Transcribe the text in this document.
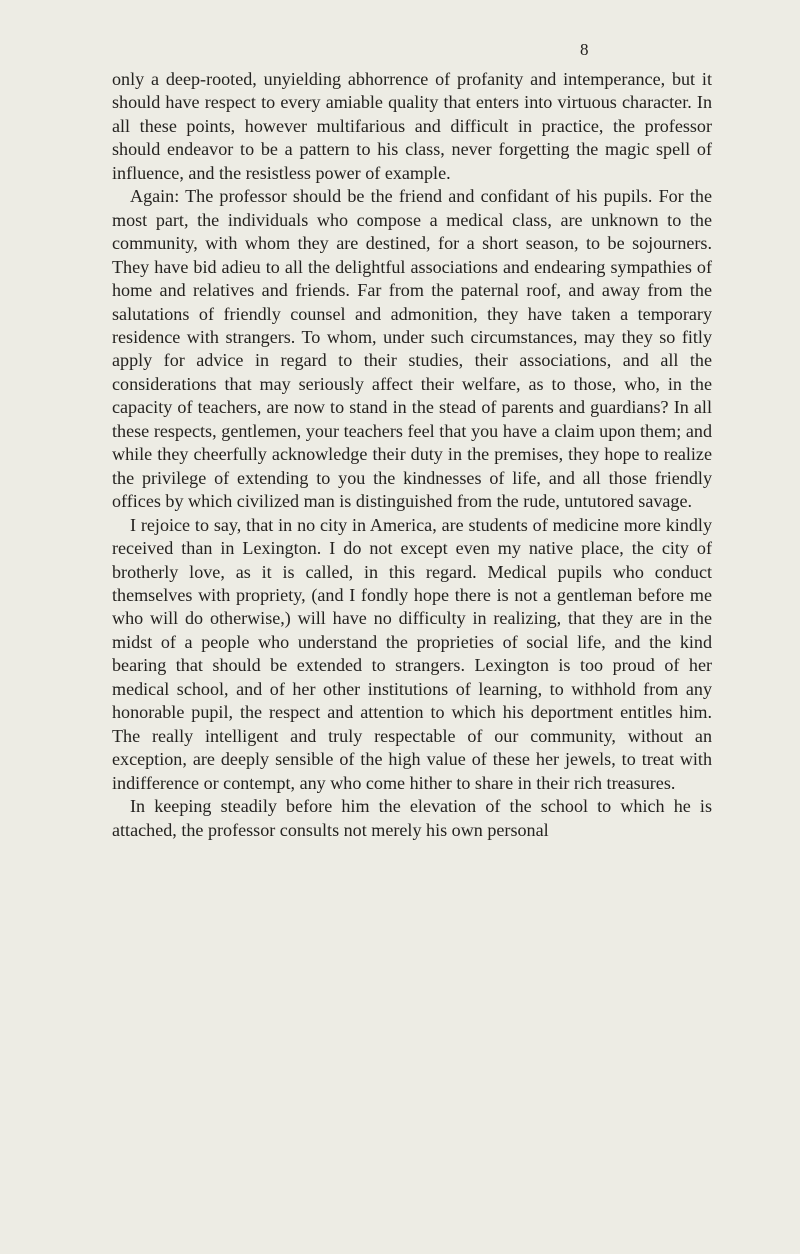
8

only a deep-rooted, unyielding abhorrence of profanity and intemperance, but it should have respect to every amiable quality that enters into virtuous character. In all these points, however multifarious and difficult in practice, the professor should endeavor to be a pattern to his class, never forgetting the magic spell of influence, and the resistless power of example.

Again: The professor should be the friend and confidant of his pupils. For the most part, the individuals who compose a medical class, are unknown to the community, with whom they are destined, for a short season, to be sojourners. They have bid adieu to all the delightful associations and endearing sympathies of home and relatives and friends. Far from the paternal roof, and away from the salutations of friendly counsel and admonition, they have taken a temporary residence with strangers. To whom, under such circumstances, may they so fitly apply for advice in regard to their studies, their associations, and all the considerations that may seriously affect their welfare, as to those, who, in the capacity of teachers, are now to stand in the stead of parents and guardians? In all these respects, gentlemen, your teachers feel that you have a claim upon them; and while they cheerfully acknowledge their duty in the premises, they hope to realize the privilege of extending to you the kindnesses of life, and all those friendly offices by which civilized man is distinguished from the rude, untutored savage.

I rejoice to say, that in no city in America, are students of medicine more kindly received than in Lexington. I do not except even my native place, the city of brotherly love, as it is called, in this regard. Medical pupils who conduct themselves with propriety, (and I fondly hope there is not a gentleman before me who will do otherwise,) will have no difficulty in realizing, that they are in the midst of a people who understand the proprieties of social life, and the kind bearing that should be extended to strangers. Lexington is too proud of her medical school, and of her other institutions of learning, to withhold from any honorable pupil, the respect and attention to which his deportment entitles him. The really intelligent and truly respectable of our community, without an exception, are deeply sensible of the high value of these her jewels, to treat with indifference or contempt, any who come hither to share in their rich treasures.

In keeping steadily before him the elevation of the school to which he is attached, the professor consults not merely his own personal
